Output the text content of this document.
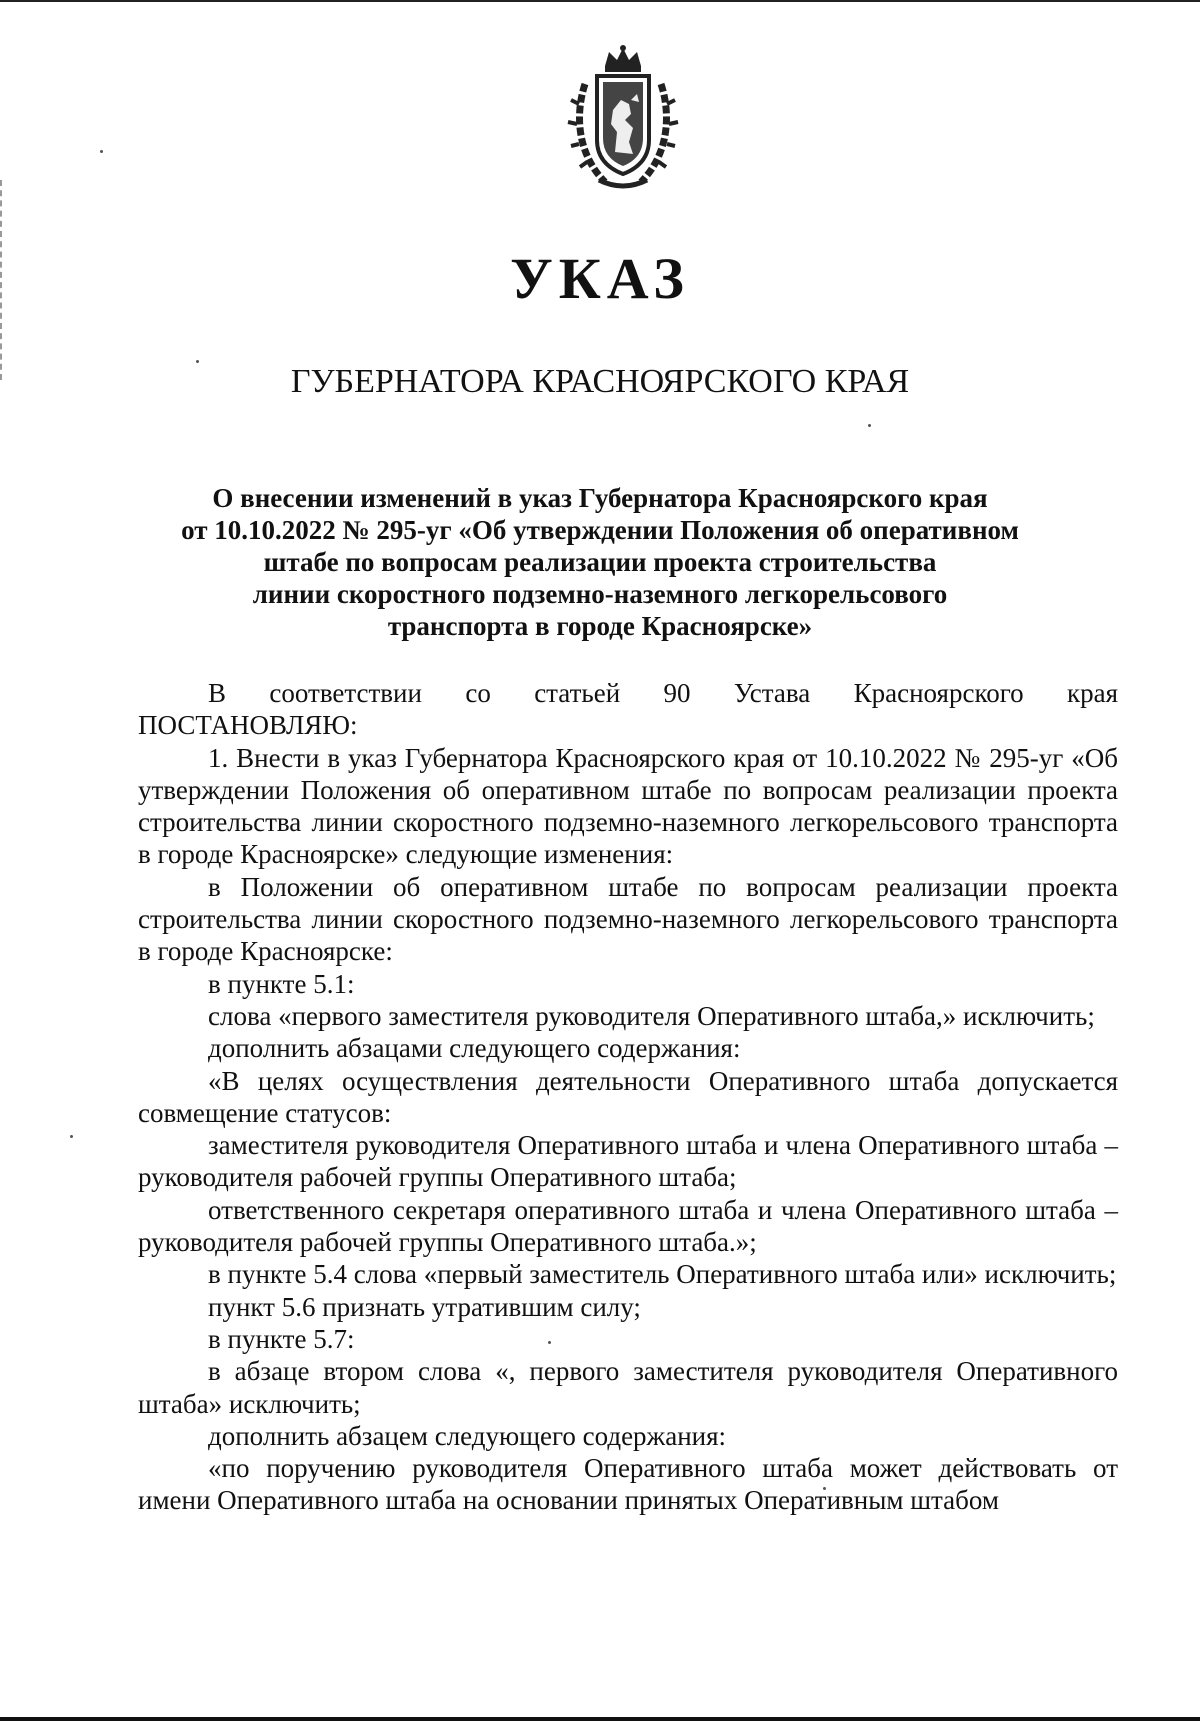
УКАЗ
ГУБЕРНАТОРА КРАСНОЯРСКОГО КРАЯ
О внесении изменений в указ Губернатора Красноярского края
от 10.10.2022 № 295-уг «Об утверждении Положения об оперативном
штабе по вопросам реализации проекта строительства
линии скоростного подземно-наземного легкорельсового
транспорта в городе Красноярске»

В соответствии со статьей 90 Устава Красноярского края

ПОСТАНОВЛЯЮ:

1. Внести в указ Губернатора Красноярского края от 10.10.2022 № 295-уг «Об утверждении Положения об оперативном штабе по вопросам реализации проекта строительства линии скоростного подземно-наземного легкорельсового транспорта в городе Красноярске» следующие изменения:

в Положении об оперативном штабе по вопросам реализации проекта строительства линии скоростного подземно-наземного легкорельсового транспорта в городе Красноярске:

в пункте 5.1:

слова «первого заместителя руководителя Оперативного штаба,» исключить;

дополнить абзацами следующего содержания:

«В целях осуществления деятельности Оперативного штаба допускается совмещение статусов:

заместителя руководителя Оперативного штаба и члена Оперативного штаба – руководителя рабочей группы Оперативного штаба;

ответственного секретаря оперативного штаба и члена Оперативного штаба – руководителя рабочей группы Оперативного штаба.»;

в пункте 5.4 слова «первый заместитель Оперативного штаба или» исключить;

пункт 5.6 признать утратившим силу;

в пункте 5.7:

в абзаце втором слова «, первого заместителя руководителя Оперативного штаба» исключить;

дополнить абзацем следующего содержания:

«по поручению руководителя Оперативного штаба может действовать от имени Оперативного штаба на основании принятых Оперативным штабом
